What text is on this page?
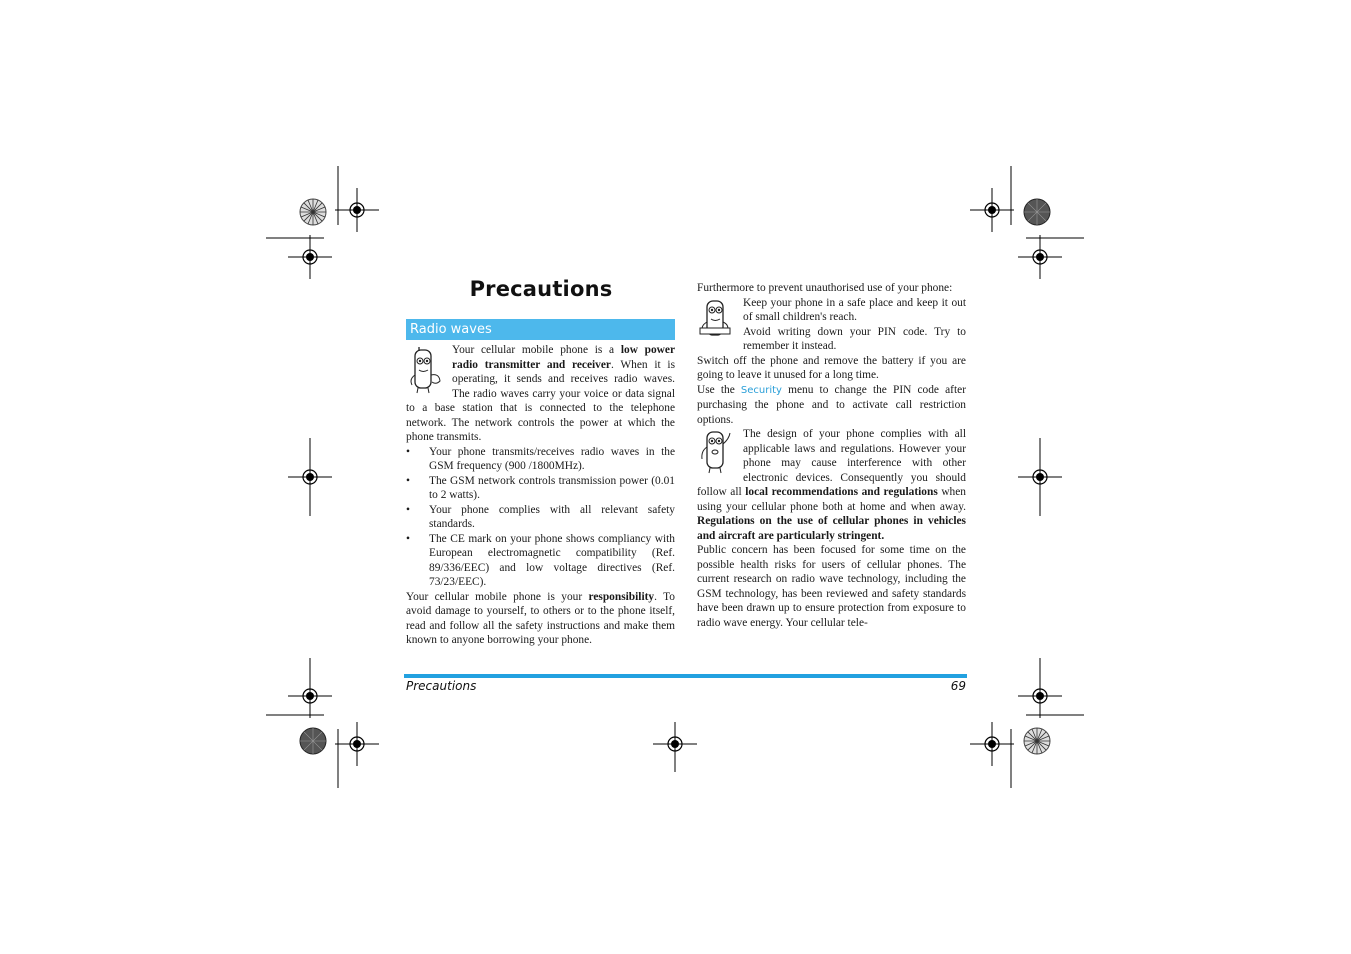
Precautions
Radio waves

Your cellular mobile phone is a low power radio transmitter and receiver. When it is operating, it sends and receives radio waves. The radio waves carry your voice or data signal to a base station that is connected to the telephone network. The network controls the power at which the phone transmits.

• Your phone transmits/receives radio waves in the GSM frequency (900 /1800MHz).
• The GSM network controls transmission power (0.01 to 2 watts).
• Your phone complies with all relevant safety standards.
• The CE mark on your phone shows compliancy with European electromagnetic compatibility (Ref. 89/336/EEC) and low voltage directives (Ref. 73/23/EEC).

Your cellular mobile phone is your responsibility. To avoid damage to yourself, to others or to the phone itself, read and follow all the safety instructions and make them known to anyone borrowing your phone.

Furthermore to prevent unauthorised use of your phone:

Keep your phone in a safe place and keep it out of small children's reach.

Avoid writing down your PIN code. Try to remember it instead.

Switch off the phone and remove the battery if you are going to leave it unused for a long time.

Use the Security menu to change the PIN code after purchasing the phone and to activate call restriction options.

The design of your phone complies with all applicable laws and regulations. However your phone may cause interference with other electronic devices. Consequently you should follow all local recommendations and regulations when using your cellular phone both at home and when away. Regulations on the use of cellular phones in vehicles and aircraft are particularly stringent.

Public concern has been focused for some time on the possible health risks for users of cellular phones. The current research on radio wave technology, including the GSM technology, has been reviewed and safety standards have been drawn up to ensure protection from exposure to radio wave energy. Your cellular tele-

Precautions	69
